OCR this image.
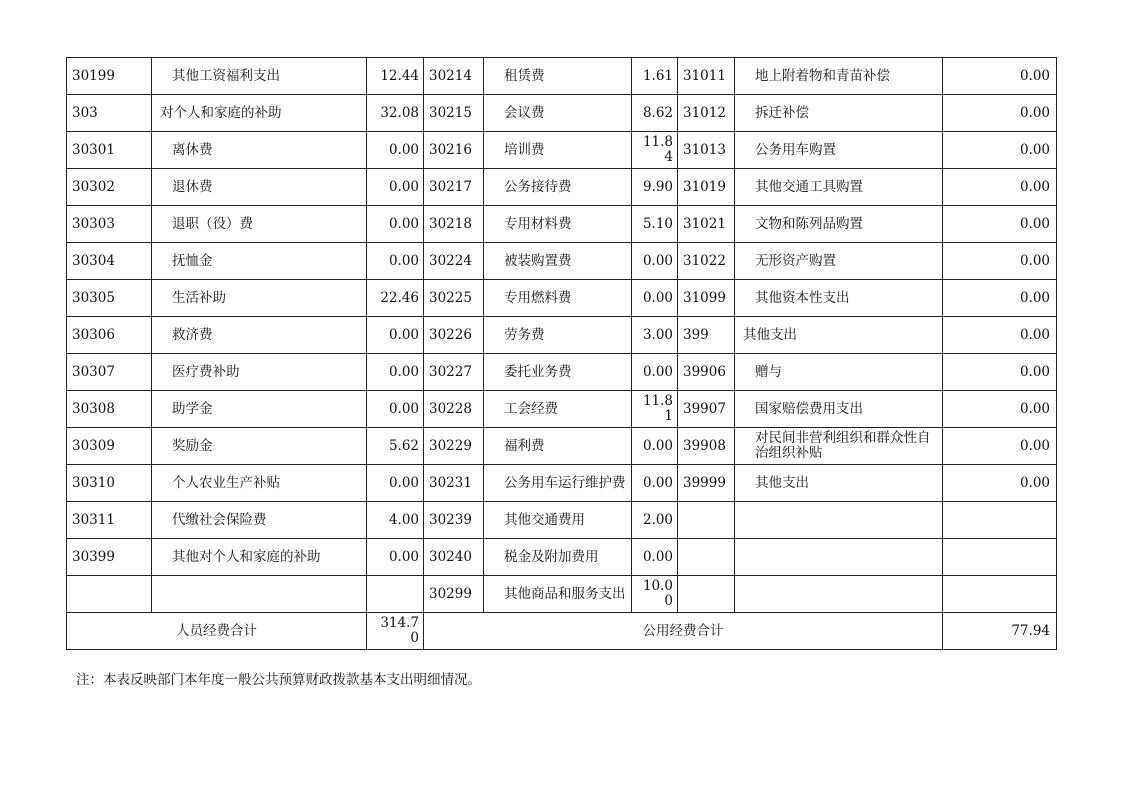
30199	其他工资福利支出	12.44	30214	租赁费	1.61	31011	地上附着物和青苗补偿	0.00
303	对个人和家庭的补助	32.08	30215	会议费	8.62	31012	拆迁补偿	0.00
30301	离休费	0.00	30216	培训费	11.84	31013	公务用车购置	0.00
30302	退休费	0.00	30217	公务接待费	9.90	31019	其他交通工具购置	0.00
30303	退职（役）费	0.00	30218	专用材料费	5.10	31021	文物和陈列品购置	0.00
30304	抚恤金	0.00	30224	被装购置费	0.00	31022	无形资产购置	0.00
30305	生活补助	22.46	30225	专用燃料费	0.00	31099	其他资本性支出	0.00
30306	救济费	0.00	30226	劳务费	3.00	399	其他支出	0.00
30307	医疗费补助	0.00	30227	委托业务费	0.00	39906	赠与	0.00
30308	助学金	0.00	30228	工会经费	11.81	39907	国家赔偿费用支出	0.00
30309	奖励金	5.62	30229	福利费	0.00	39908	对民间非营利组织和群众性自治组织补贴	0.00
30310	个人农业生产补贴	0.00	30231	公务用车运行维护费	0.00	39999	其他支出	0.00
30311	代缴社会保险费	4.00	30239	其他交通费用	2.00			
30399	其他对个人和家庭的补助	0.00	30240	税金及附加费用	0.00			
			30299	其他商品和服务支出	10.00			
人员经费合计		314.70	公用经费合计					77.94
注：本表反映部门本年度一般公共预算财政拨款基本支出明细情况。
